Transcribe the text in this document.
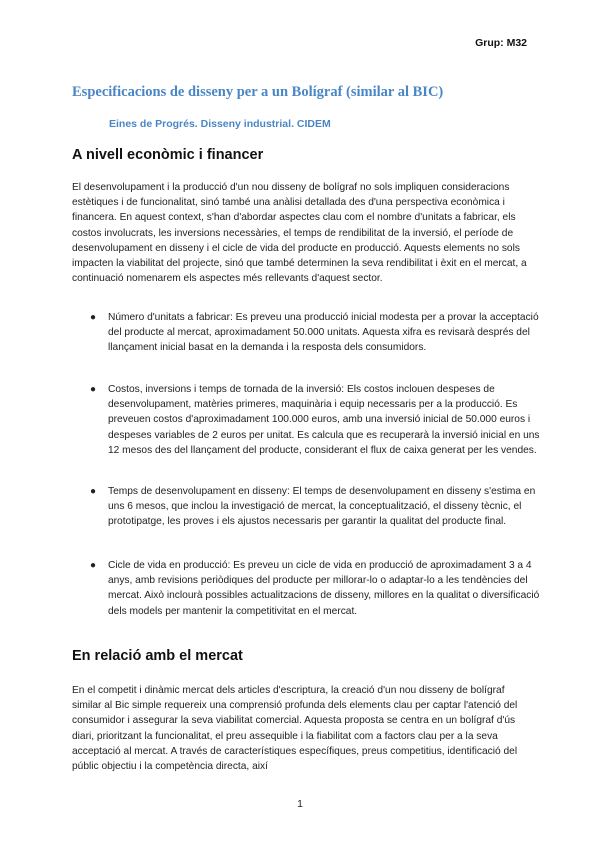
Grup: M32
Especificacions de disseny per a un Bolígraf (similar al BIC)
Eines de Progrés. Disseny industrial. CIDEM
A nivell econòmic i financer

El desenvolupament i la producció d'un nou disseny de bolígraf no sols impliquen consideracions estètiques i de funcionalitat, sinó també una anàlisi detallada des d'una perspectiva econòmica i financera. En aquest context, s'han d'abordar aspectes clau com el nombre d'unitats a fabricar, els costos involucrats, les inversions necessàries, el temps de rendibilitat de la inversió, el període de desenvolupament en disseny i el cicle de vida del producte en producció. Aquests elements no sols impacten la viabilitat del projecte, sinó que també determinen la seva rendibilitat i èxit en el mercat, a continuació nomenarem els aspectes més rellevants d'aquest sector.

● Número d'unitats a fabricar: Es preveu una producció inicial modesta per a provar la acceptació del producte al mercat, aproximadament 50.000 unitats. Aquesta xifra es revisarà després del llançament inicial basat en la demanda i la resposta dels consumidors.
● Costos, inversions i temps de tornada de la inversió: Els costos inclouen despeses de desenvolupament, matèries primeres, maquinària i equip necessaris per a la producció. Es preveuen costos d'aproximadament 100.000 euros, amb una inversió inicial de 50.000 euros i despeses variables de 2 euros per unitat. Es calcula que es recuperarà la inversió inicial en uns 12 mesos des del llançament del producte, considerant el flux de caixa generat per les vendes.
● Temps de desenvolupament en disseny: El temps de desenvolupament en disseny s'estima en uns 6 mesos, que inclou la investigació de mercat, la conceptualització, el disseny tècnic, el prototipatge, les proves i els ajustos necessaris per garantir la qualitat del producte final.
● Cicle de vida en producció: Es preveu un cicle de vida en producció de aproximadament 3 a 4 anys, amb revisions periòdiques del producte per millorar-lo o adaptar-lo a les tendències del mercat. Això inclourà possibles actualitzacions de disseny, millores en la qualitat o diversificació dels models per mantenir la competitivitat en el mercat.
En relació amb el mercat

En el competit i dinàmic mercat dels articles d'escriptura, la creació d'un nou disseny de bolígraf similar al Bic simple requereix una comprensió profunda dels elements clau per captar l'atenció del consumidor i assegurar la seva viabilitat comercial. Aquesta proposta se centra en un bolígraf d'ús diari, prioritzant la funcionalitat, el preu assequible i la fiabilitat com a factors clau per a la seva acceptació al mercat. A través de característiques específiques, preus competitius, identificació del públic objectiu i la competència directa, així

1
